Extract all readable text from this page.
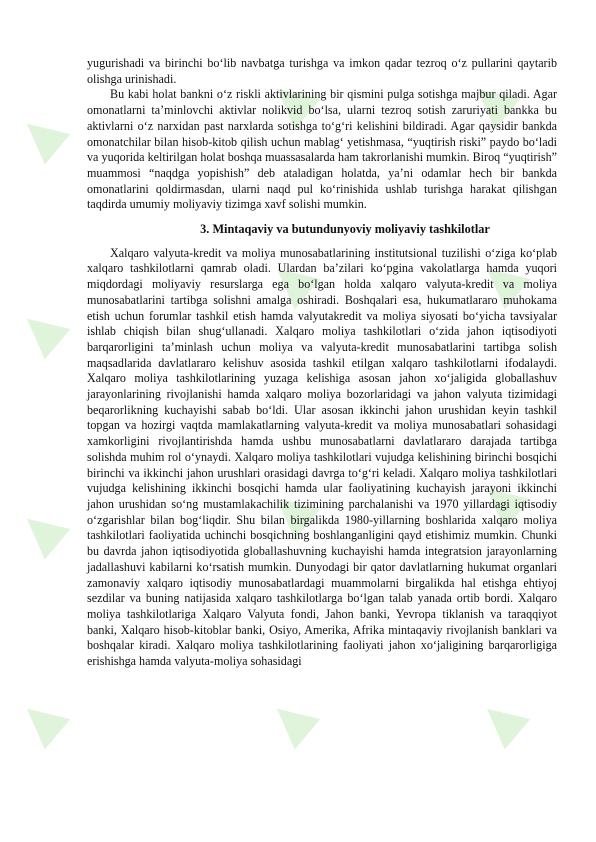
▲
▲ ▲
▲
▲	▲
▲	▲	▲
▲	▲	▲

yugurishadi va birinchi bo‘lib navbatga turishga va imkon qadar tezroq o‘z pullarini qaytarib olishga urinishadi.

Bu kabi holat bankni o‘z riskli aktivlarining bir qismini pulga sotishga majbur qiladi. Agar omonatlarni ta’minlovchi aktivlar nolikvid bo‘lsa, ularni tezroq sotish zaruriyati bankka bu aktivlarni o‘z narxidan past narxlarda sotishga to‘g‘ri kelishini bildiradi. Agar qaysidir bankda omonatchilar bilan hisob-kitob qilish uchun mablag‘ yetishmasa, “yuqtirish riski” paydo bo‘ladi va yuqorida keltirilgan holat boshqa muassasalarda ham takrorlanishi mumkin. Biroq “yuqtirish” muammosi “naqdga yopishish” deb ataladigan holatda, ya’ni odamlar hech bir bankda omonatlarini qoldirmasdan, ularni naqd pul ko‘rinishida ushlab turishga harakat qilishgan taqdirda umumiy moliyaviy tizimga xavf solishi mumkin.

3. Mintaqaviy va butundunyoviy moliyaviy tashkilotlar

Xalqaro valyuta-kredit va moliya munosabatlarining institutsional tuzilishi o‘ziga ko‘plab xalqaro tashkilotlarni qamrab oladi. Ulardan ba’zilari ko‘pgina vakolatlarga hamda yuqori miqdordagi moliyaviy resurslarga ega bo‘lgan holda xalqaro valyuta-kredit va moliya munosabatlarini tartibga solishni amalga oshiradi. Boshqalari esa, hukumatlararo muhokama etish uchun forumlar tashkil etish hamda valyutakredit va moliya siyosati bo‘yicha tavsiyalar ishlab chiqish bilan shug‘ullanadi. Xalqaro moliya tashkilotlari o‘zida jahon iqtisodiyoti barqarorligini ta’minlash uchun moliya va valyuta-kredit munosabatlarini tartibga solish maqsadlarida davlatlararo kelishuv asosida tashkil etilgan xalqaro tashkilotlarni ifodalaydi. Xalqaro moliya tashkilotlarining yuzaga kelishiga asosan jahon xo‘jaligida globallashuv jarayonlarining rivojlanishi hamda xalqaro moliya bozorlaridagi va jahon valyuta tizimidagi beqarorlikning kuchayishi sabab bo‘ldi. Ular asosan ikkinchi jahon urushidan keyin tashkil topgan va hozirgi vaqtda mamlakatlarning valyuta-kredit va moliya munosabatlari sohasidagi xamkorligini rivojlantirishda hamda ushbu munosabatlarni davlatlararo darajada tartibga solishda muhim rol o‘ynaydi. Xalqaro moliya tashkilotlari vujudga kelishining birinchi bosqichi birinchi va ikkinchi jahon urushlari orasidagi davrga to‘g‘ri keladi. Xalqaro moliya tashkilotlari vujudga kelishining ikkinchi bosqichi hamda ular faoliyatining kuchayish jarayoni ikkinchi jahon urushidan so‘ng mustamlakachilik tizimining parchalanishi va 1970 yillardagi iqtisodiy o‘zgarishlar bilan bog‘liqdir. Shu bilan birgalikda 1980-yillarning boshlarida xalqaro moliya tashkilotlari faoliyatida uchinchi bosqichning boshlanganligini qayd etishimiz mumkin. Chunki bu davrda jahon iqtisodiyotida globallashuvning kuchayishi hamda integratsion jarayonlarning jadallashuvi kabilarni ko‘rsatish mumkin. Dunyodagi bir qator davlatlarning hukumat organlari zamonaviy xalqaro iqtisodiy munosabatlardagi muammolarni birgalikda hal etishga ehtiyoj sezdilar va buning natijasida xalqaro tashkilotlarga bo‘lgan talab yanada ortib bordi. Xalqaro moliya tashkilotlariga Xalqaro Valyuta fondi, Jahon banki, Yevropa tiklanish va taraqqiyot banki, Xalqaro hisob-kitoblar banki, Osiyo, Amerika, Afrika mintaqaviy rivojlanish banklari va boshqalar kiradi. Xalqaro moliya tashkilotlarining faoliyati jahon xo‘jaligining barqarorligiga erishishga hamda valyuta-moliya sohasidagi
